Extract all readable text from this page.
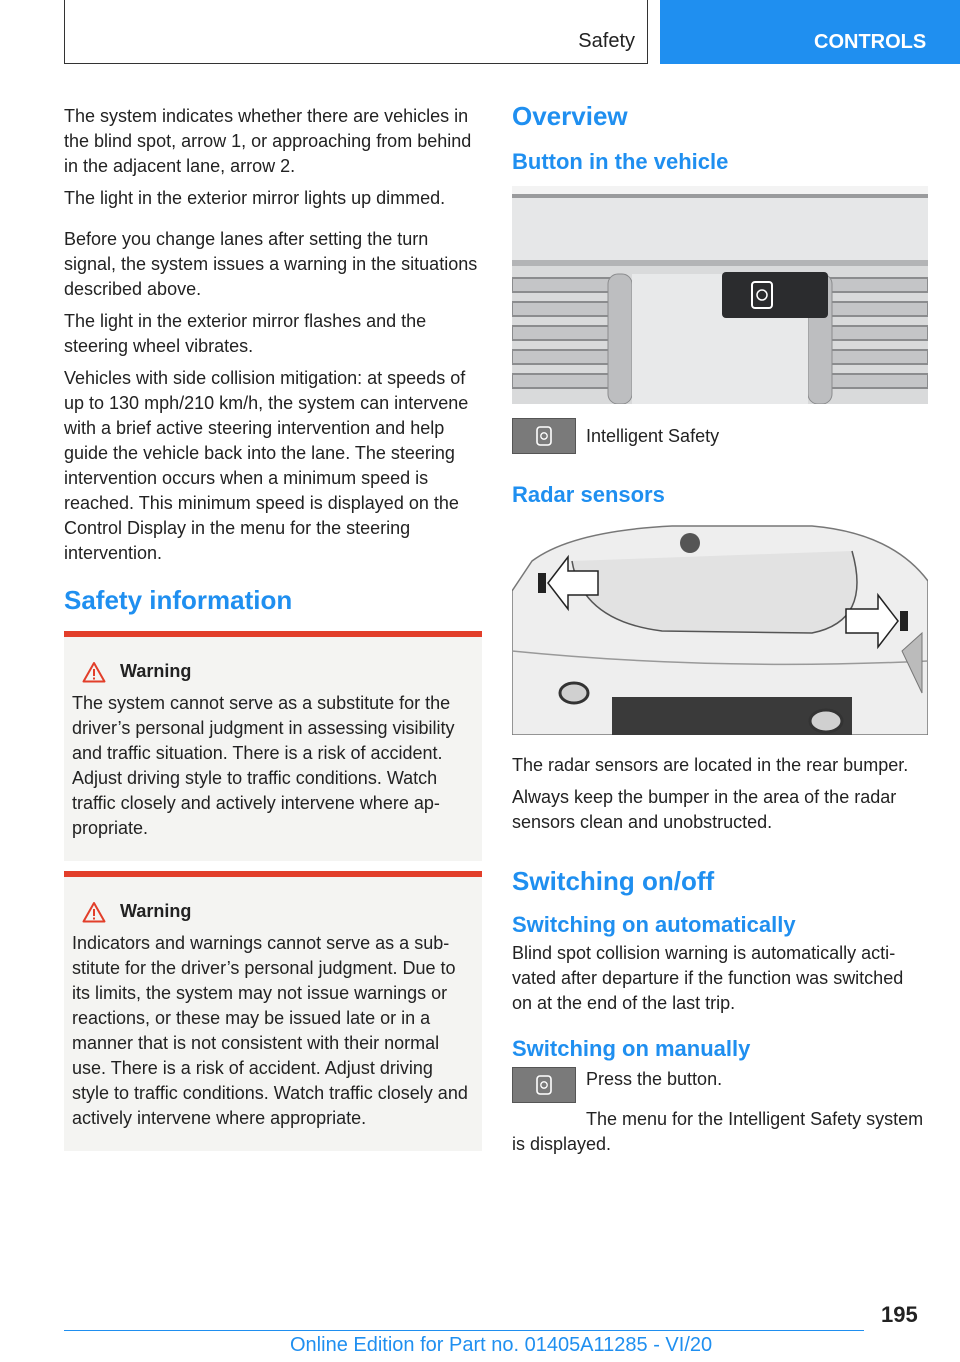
Safety	CONTROLS

The system indicates whether there are vehicles in the blind spot, arrow 1, or approaching from behind in the adjacent lane, arrow 2.

The light in the exterior mirror lights up dimmed.

Before you change lanes after setting the turn signal, the system issues a warning in the situations described above.

The light in the exterior mirror flashes and the steering wheel vibrates.

Vehicles with side collision mitigation: at speeds of up to 130 mph/210 km/h, the system can intervene with a brief active steering intervention and help guide the vehicle back into the lane. The steering intervention occurs when a minimum speed is reached. This minimum speed is displayed on the Control Display in the menu for the steering intervention.

Safety information
Warning

The system cannot serve as a substitute for the driver’s personal judgment in assessing visibility and traffic situation. There is a risk of accident. Adjust driving style to traffic conditions. Watch traffic closely and actively intervene where appropriate.

Warning

Indicators and warnings cannot serve as a substitute for the driver’s personal judgment. Due to its limits, the system may not issue warnings or reactions, or these may be issued late or in a manner that is not consistent with their normal use. There is a risk of accident. Adjust driving style to traffic conditions. Watch traffic closely and actively intervene where appropriate.

Overview
Button in the vehicle
Intelligent Safety
Radar sensors

The radar sensors are located in the rear bumper.

Always keep the bumper in the area of the radar sensors clean and unobstructed.

Switching on/off
Switching on automatically

Blind spot collision warning is automatically activated after departure if the function was switched on at the end of the last trip.

Switching on manually
Press the button.

The menu for the Intelligent Safety system is displayed.

195
Online Edition for Part no. 01405A11285 - VI/20
